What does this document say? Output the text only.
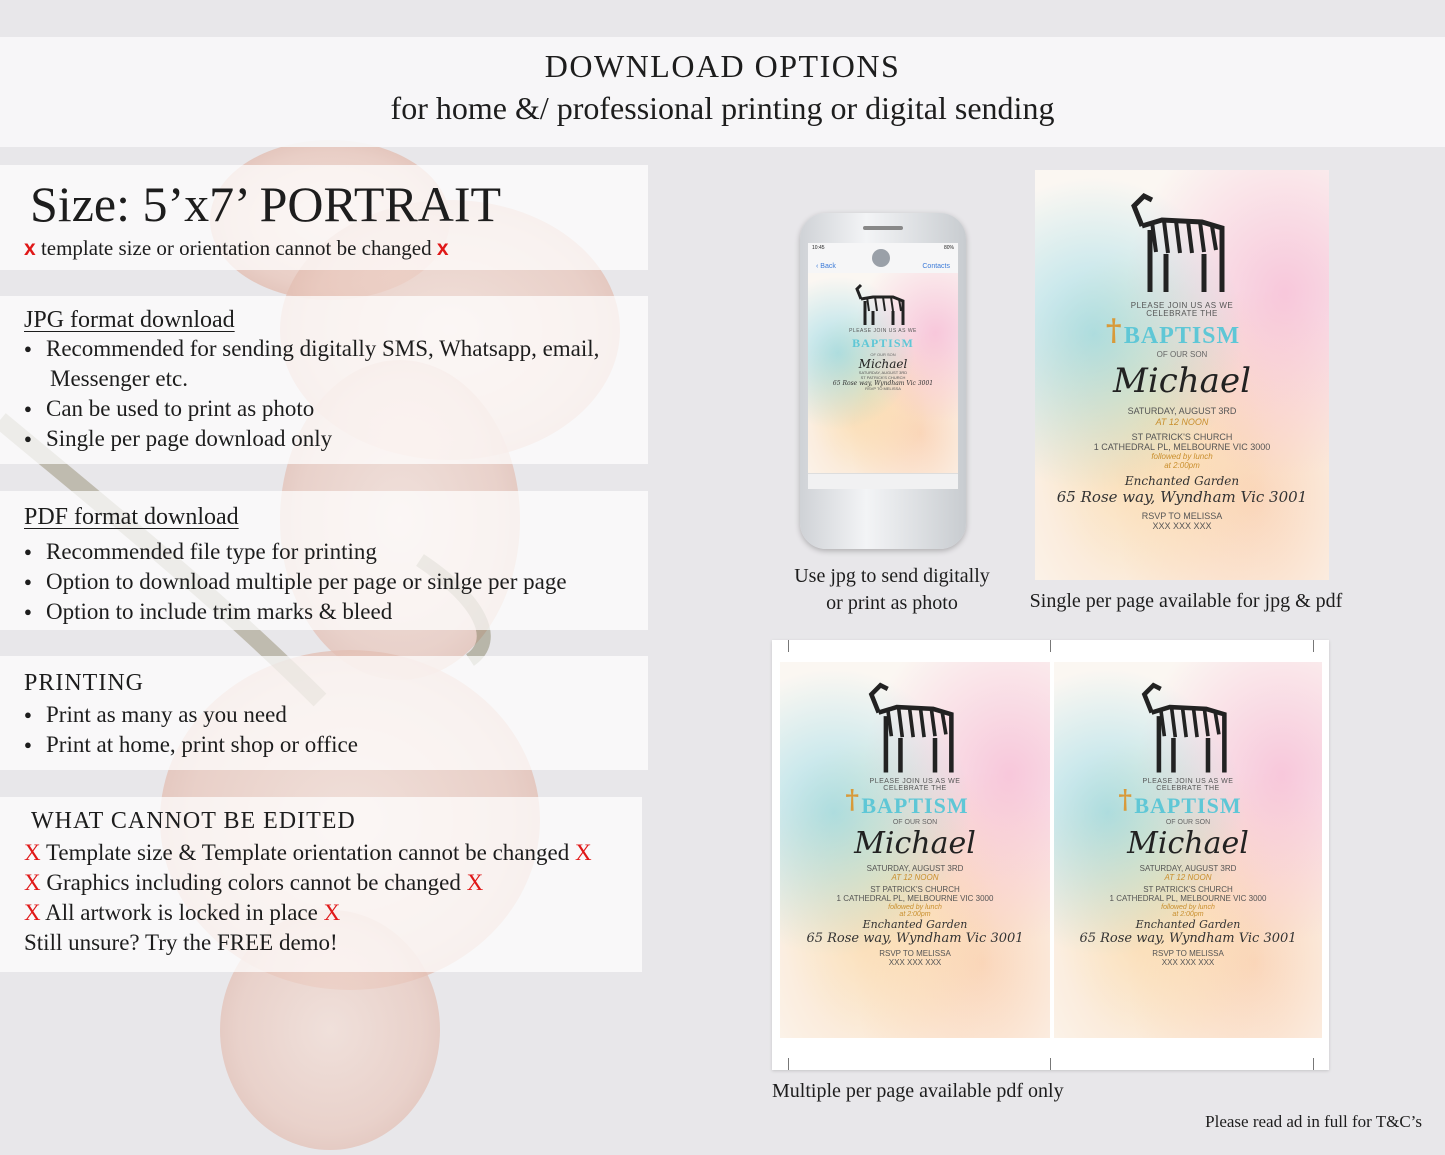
DOWNLOAD OPTIONS
for home &/ professional printing or digital sending
Size: 5’x7’ PORTRAIT
x template size or orientation cannot be changed x
JPG format download
● Recommended for sending digitally SMS, Whatsapp, email,
Messenger etc.
● Can be used to print as photo
● Single per page download only
PDF format download
● Recommended file type for printing
● Option to download multiple per page or sinlge per page
● Option to include trim marks & bleed
PRINTING
● Print as many as you need
● Print at home, print shop or office
WHAT CANNOT BE EDITED
X Template size & Template orientation cannot be changed X
X Graphics including colors cannot be changed X
X All artwork is locked in place X
Still unsure? Try the FREE demo!
10:45	80%
‹ Back	Contacts
PLEASE JOIN US AS WE
BAPTISM
OF OUR SON
Michael
SATURDAY, AUGUST 3RD
ST PATRICK'S CHURCH
65 Rose way, Wyndham Vic 3001
RSVP TO MELISSA
Use jpg to send digitally
or print as photo
PLEASE JOIN US AS WE
CELEBRATE THE
† BAPTISM
OF OUR SON
Michael
SATURDAY, AUGUST 3RD
AT 12 NOON
ST PATRICK'S CHURCH
1 CATHEDRAL PL, MELBOURNE VIC 3000
followed by lunch
at 2:00pm
Enchanted Garden
65 Rose way, Wyndham Vic 3001
RSVP TO MELISSA
XXX XXX XXX
Single per page available for jpg & pdf
PLEASE JOIN US AS WE
CELEBRATE THE
† BAPTISM
OF OUR SON
Michael
SATURDAY, AUGUST 3RD
AT 12 NOON
ST PATRICK'S CHURCH
1 CATHEDRAL PL, MELBOURNE VIC 3000
followed by lunch
at 2:00pm
Enchanted Garden
65 Rose way, Wyndham Vic 3001
RSVP TO MELISSA
XXX XXX XXX
PLEASE JOIN US AS WE
CELEBRATE THE
† BAPTISM
OF OUR SON
Michael
SATURDAY, AUGUST 3RD
AT 12 NOON
ST PATRICK'S CHURCH
1 CATHEDRAL PL, MELBOURNE VIC 3000
followed by lunch
at 2:00pm
Enchanted Garden
65 Rose way, Wyndham Vic 3001
RSVP TO MELISSA
XXX XXX XXX
Multiple per page available pdf only
Please read ad in full for T&C’s
